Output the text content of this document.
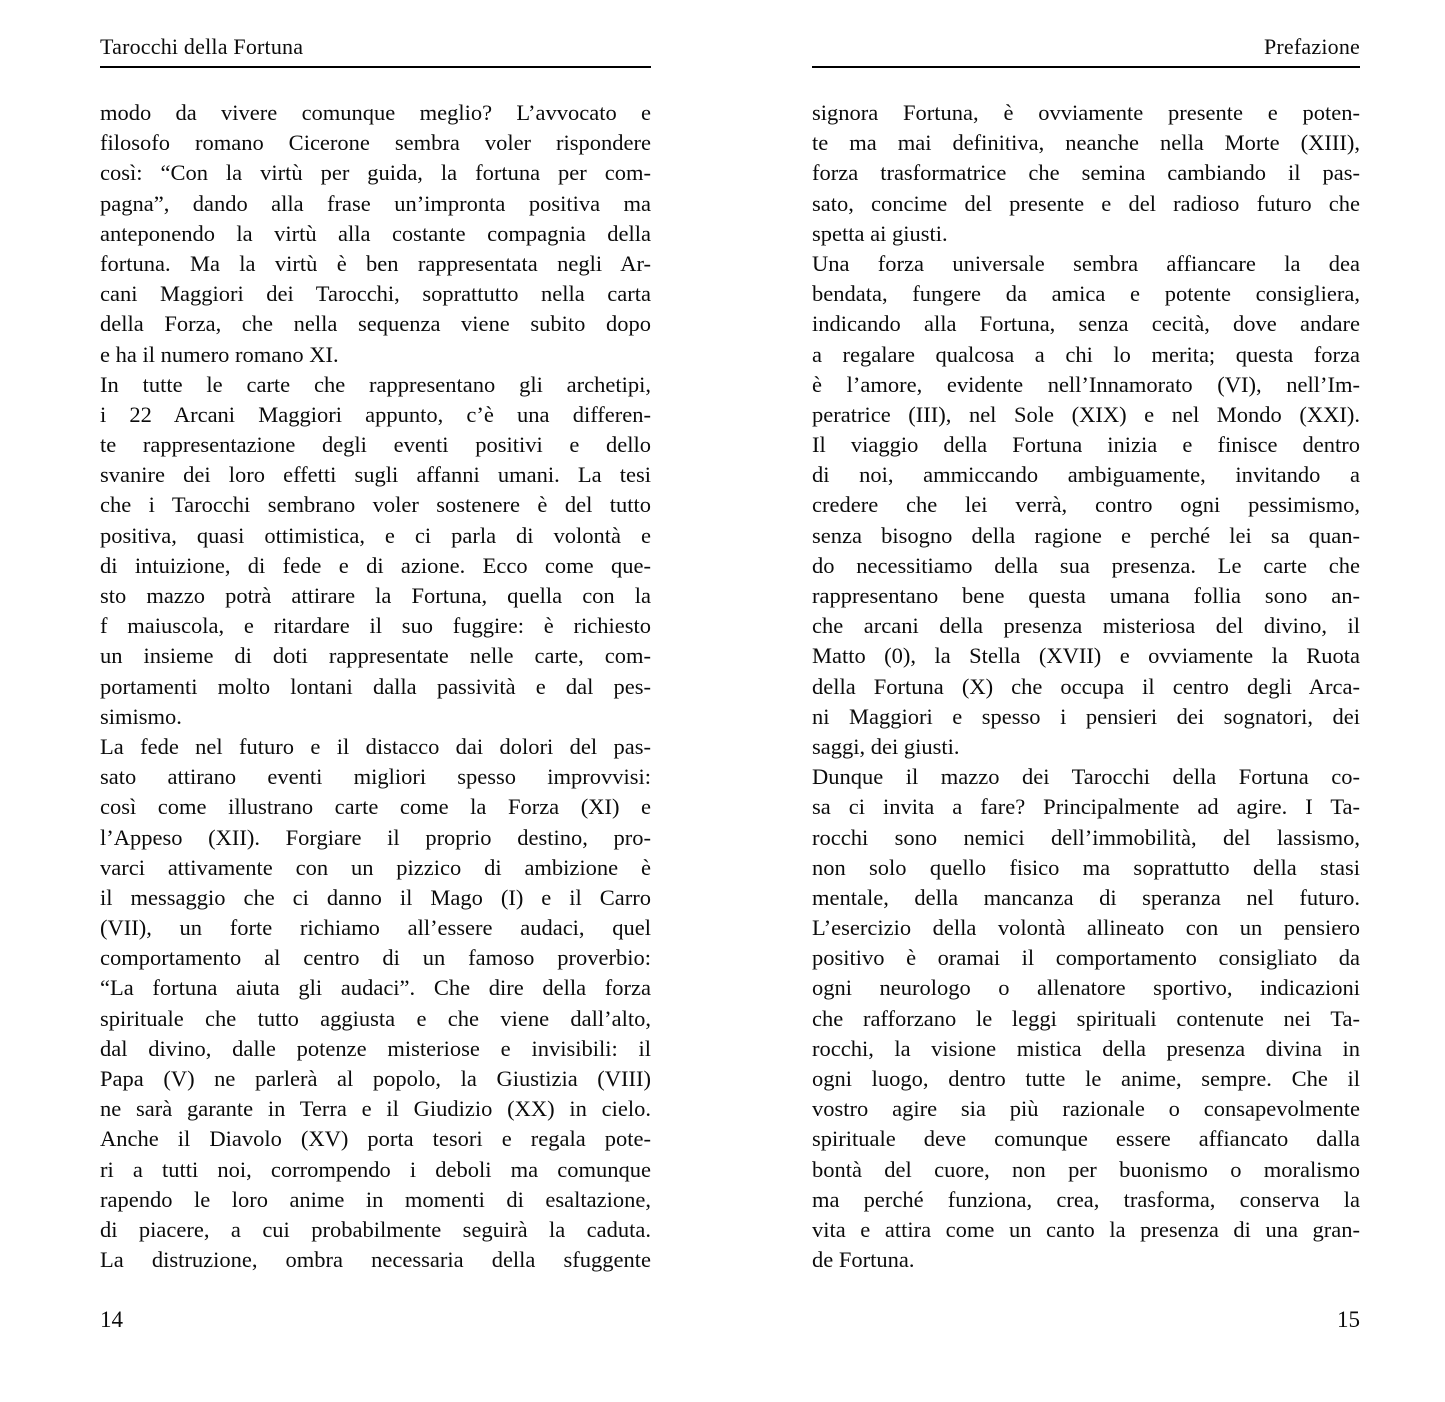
Tarocchi della Fortuna
modo da vivere comunque meglio? L’avvocato e
filosofo romano Cicerone sembra voler rispondere
così: “Con la virtù per guida, la fortuna per com-
pagna”, dando alla frase un’impronta positiva ma
anteponendo la virtù alla costante compagnia della
fortuna. Ma la virtù è ben rappresentata negli Ar-
cani Maggiori dei Tarocchi, soprattutto nella carta
della Forza, che nella sequenza viene subito dopo
e ha il numero romano XI.
In tutte le carte che rappresentano gli archetipi,
i 22 Arcani Maggiori appunto, c’è una differen-
te rappresentazione degli eventi positivi e dello
svanire dei loro effetti sugli affanni umani. La tesi
che i Tarocchi sembrano voler sostenere è del tutto
positiva, quasi ottimistica, e ci parla di volontà e
di intuizione, di fede e di azione. Ecco come que-
sto mazzo potrà attirare la Fortuna, quella con la
f maiuscola, e ritardare il suo fuggire: è richiesto
un insieme di doti rappresentate nelle carte, com-
portamenti molto lontani dalla passività e dal pes-
simismo.
La fede nel futuro e il distacco dai dolori del pas-
sato attirano eventi migliori spesso improvvisi:
così come illustrano carte come la Forza (XI) e
l’Appeso (XII). Forgiare il proprio destino, pro-
varci attivamente con un pizzico di ambizione è
il messaggio che ci danno il Mago (I) e il Carro
(VII), un forte richiamo all’essere audaci, quel
comportamento al centro di un famoso proverbio:
“La fortuna aiuta gli audaci”. Che dire della forza
spirituale che tutto aggiusta e che viene dall’alto,
dal divino, dalle potenze misteriose e invisibili: il
Papa (V) ne parlerà al popolo, la Giustizia (VIII)
ne sarà garante in Terra e il Giudizio (XX) in cielo.
Anche il Diavolo (XV) porta tesori e regala pote-
ri a tutti noi, corrompendo i deboli ma comunque
rapendo le loro anime in momenti di esaltazione,
di piacere, a cui probabilmente seguirà la caduta.
La distruzione, ombra necessaria della sfuggente
14
Prefazione
signora Fortuna, è ovviamente presente e poten-
te ma mai definitiva, neanche nella Morte (XIII),
forza trasformatrice che semina cambiando il pas-
sato, concime del presente e del radioso futuro che
spetta ai giusti.
Una forza universale sembra affiancare la dea
bendata, fungere da amica e potente consigliera,
indicando alla Fortuna, senza cecità, dove andare
a regalare qualcosa a chi lo merita; questa forza
è l’amore, evidente nell’Innamorato (VI), nell’Im-
peratrice (III), nel Sole (XIX) e nel Mondo (XXI).
Il viaggio della Fortuna inizia e finisce dentro
di noi, ammiccando ambiguamente, invitando a
credere che lei verrà, contro ogni pessimismo,
senza bisogno della ragione e perché lei sa quan-
do necessitiamo della sua presenza. Le carte che
rappresentano bene questa umana follia sono an-
che arcani della presenza misteriosa del divino, il
Matto (0), la Stella (XVII) e ovviamente la Ruota
della Fortuna (X) che occupa il centro degli Arca-
ni Maggiori e spesso i pensieri dei sognatori, dei
saggi, dei giusti.
Dunque il mazzo dei Tarocchi della Fortuna co-
sa ci invita a fare? Principalmente ad agire. I Ta-
rocchi sono nemici dell’immobilità, del lassismo,
non solo quello fisico ma soprattutto della stasi
mentale, della mancanza di speranza nel futuro.
L’esercizio della volontà allineato con un pensiero
positivo è oramai il comportamento consigliato da
ogni neurologo o allenatore sportivo, indicazioni
che rafforzano le leggi spirituali contenute nei Ta-
rocchi, la visione mistica della presenza divina in
ogni luogo, dentro tutte le anime, sempre. Che il
vostro agire sia più razionale o consapevolmente
spirituale deve comunque essere affiancato dalla
bontà del cuore, non per buonismo o moralismo
ma perché funziona, crea, trasforma, conserva la
vita e attira come un canto la presenza di una gran-
de Fortuna.
15
